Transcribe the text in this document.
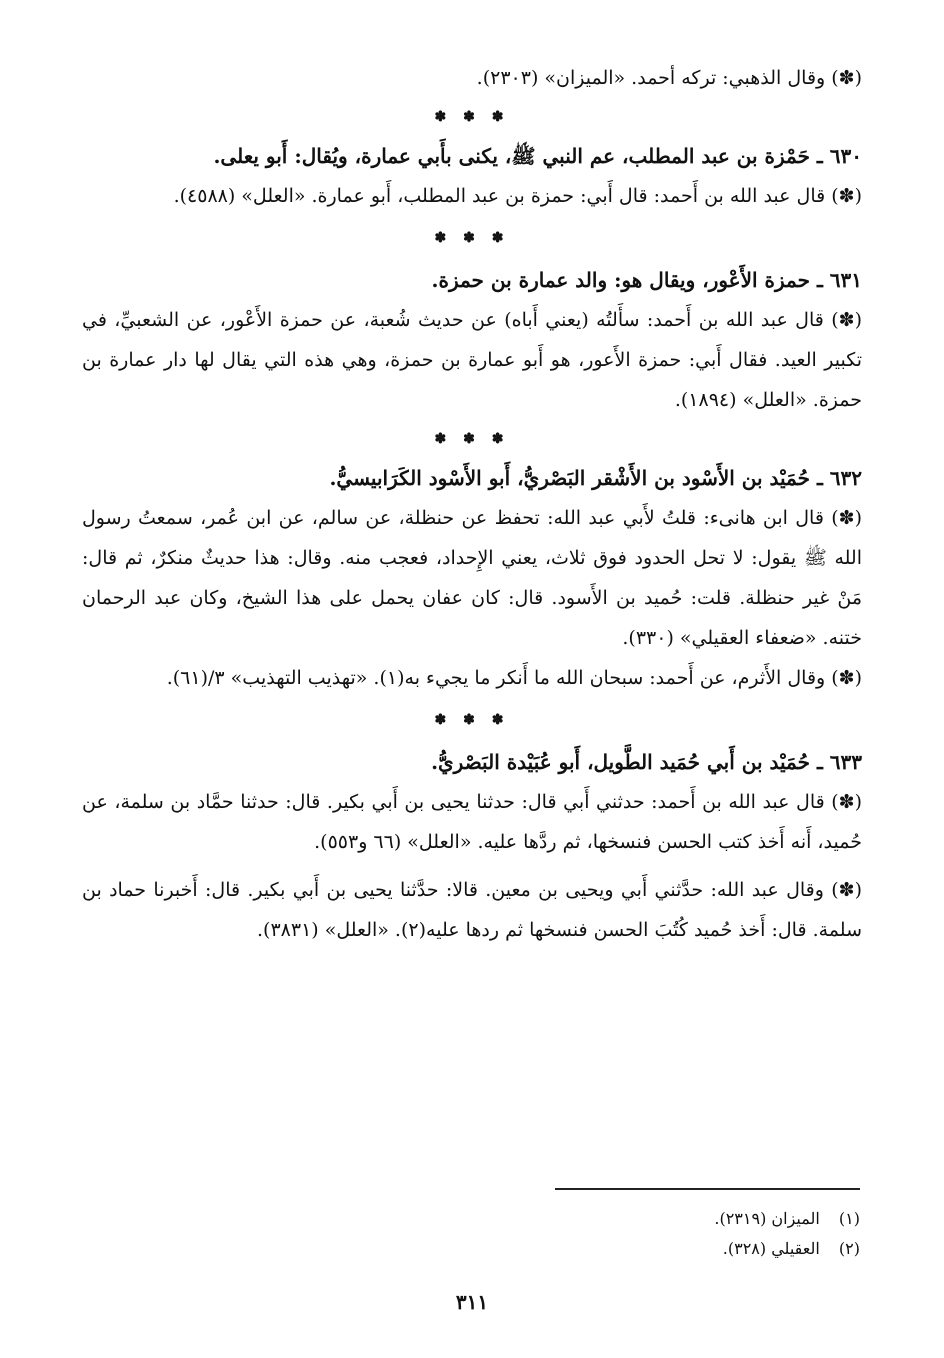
(✽) وقال الذهبي: تركه أحمد. «الميزان» (٢٣٠٣).

✽ ✽ ✽

٦٣٠ ـ حَمْزة بن عبد المطلب، عم النبي ﷺ، يكنى بأَبي عمارة، ويُقال: أَبو يعلى.

(✽) قال عبد الله بن أَحمد: قال أَبي: حمزة بن عبد المطلب، أَبو عمارة. «العلل» (٤٥٨٨).

✽ ✽ ✽

٦٣١ ـ حمزة الأَعْور، ويقال هو: والد عمارة بن حمزة.

(✽) قال عبد الله بن أَحمد: سأَلتُه (يعني أَباه) عن حديث شُعبة، عن حمزة الأَعْور، عن الشعبيِّ، في تكبير العيد. فقال أَبي: حمزة الأَعور، هو أَبو عمارة بن حمزة، وهي هذه التي يقال لها دار عمارة بن حمزة. «العلل» (١٨٩٤).

✽ ✽ ✽

٦٣٢ ـ حُمَيْد بن الأَسْود بن الأَشْقر البَصْريُّ، أَبو الأَسْود الكَرَابيسيُّ.

(✽) قال ابن هانىء: قلتُ لأَبي عبد الله: تحفظ عن حنظلة، عن سالم، عن ابن عُمر، سمعتُ رسول الله ﷺ يقول: لا تحل الحدود فوق ثلاث، يعني الإِحداد، فعجب منه. وقال: هذا حديثٌ منكرٌ، ثم قال: مَنْ غير حنظلة. قلت: حُميد بن الأَسود. قال: كان عفان يحمل على هذا الشيخ، وكان عبد الرحمان ختنه. «ضعفاء العقيلي» (٣٣٠).

(✽) وقال الأَثرم، عن أَحمد: سبحان الله ما أَنكر ما يجيء به(١). «تهذيب التهذيب» ٣/(٦١).

✽ ✽ ✽

٦٣٣ ـ حُمَيْد بن أَبي حُمَيد الطَّويل، أَبو عُبَيْدة البَصْريُّ.

(✽) قال عبد الله بن أَحمد: حدثني أَبي قال: حدثنا يحيى بن أَبي بكير. قال: حدثنا حمَّاد بن سلمة، عن حُميد، أَنه أَخذ كتب الحسن فنسخها، ثم ردَّها عليه. «العلل» (٦٦ و٥٥٣).

(✽) وقال عبد الله: حدَّثني أَبي ويحيى بن معين. قالا: حدَّثنا يحيى بن أَبي بكير. قال: أَخبرنا حماد بن سلمة. قال: أَخذ حُميد كُتُبَ الحسن فنسخها ثم ردها عليه(٢). «العلل» (٣٨٣١).

(١) الميزان (٢٣١٩).

(٢) العقيلي (٣٢٨).

٣١١
